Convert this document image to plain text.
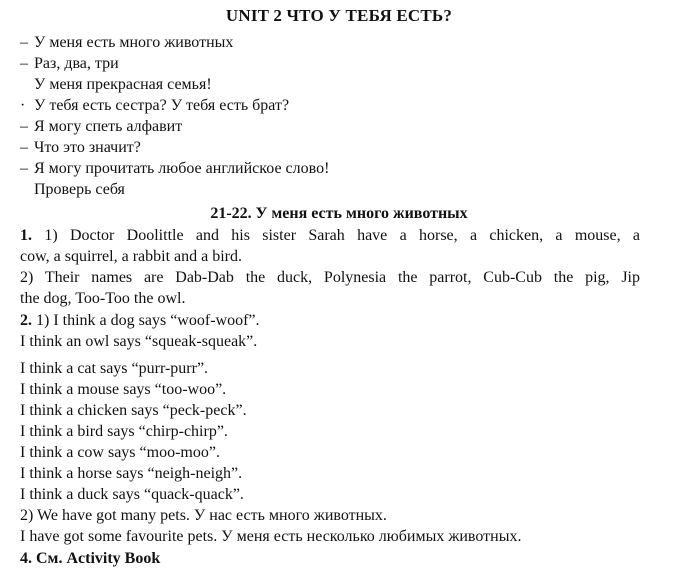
UNIT 2 ЧТО У ТЕБЯ ЕСТЬ?
– У меня есть много животных
– Раз, два, три
У меня прекрасная семья!
· У тебя есть сестра? У тебя есть брат?
– Я могу спеть алфавит
– Что это значит?
– Я могу прочитать любое английское слово!
Проверь себя
21-22. У меня есть много животных
1. 1) Doctor Doolittle and his sister Sarah have a horse, a chicken, a mouse, a
cow, a squirrel, a rabbit and a bird.
2) Their names are Dab-Dab the duck, Polynesia the parrot, Cub-Cub the pig, Jip
the dog, Too-Too the owl.
2. 1) I think a dog says “woof-woof”.
I think an owl says “squeak-squeak”.
I think a cat says “purr-purr”.
I think a mouse says “too-woo”.
I think a chicken says “peck-peck”.
I think a bird says “chirp-chirp”.
I think a cow says “moo-moo”.
I think a horse says “neigh-neigh”.
I think a duck says “quack-quack”.
2) We have got many pets. У нас есть много животных.
I have got some favourite pets. У меня есть несколько любимых животных.
4. См. Activity Book
